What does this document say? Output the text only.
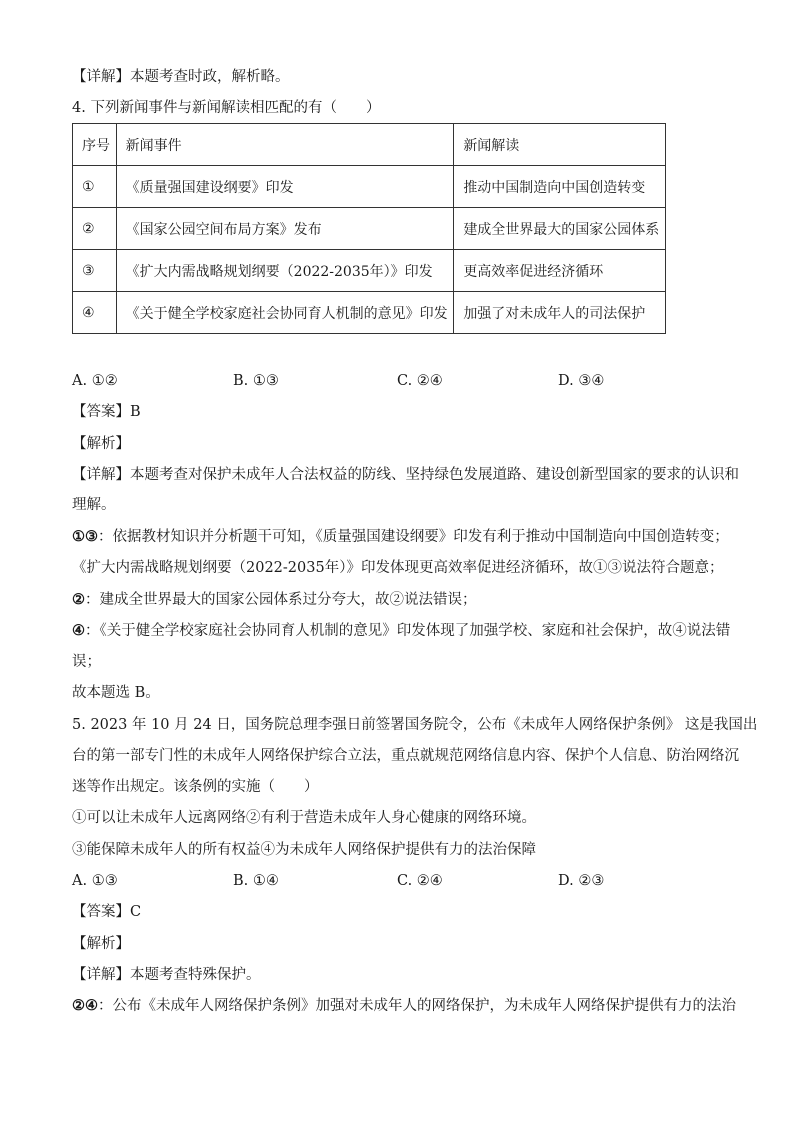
【详解】本题考查时政，解析略。
4. 下列新闻事件与新闻解读相匹配的有（　　）
序号	新闻事件	新闻解读
①	《质量强国建设纲要》印发	推动中国制造向中国创造转变
②	《国家公园空间布局方案》发布	建成全世界最大的国家公园体系
③	《扩大内需战略规划纲要（2022-2035年）》印发	更高效率促进经济循环
④	《关于健全学校家庭社会协同育人机制的意见》印发	加强了对未成年人的司法保护
A. ①②	B. ①③	C. ②④	D. ③④
【答案】B
【解析】
【详解】本题考查对保护未成年人合法权益的防线、坚持绿色发展道路、建设创新型国家的要求的认识和
理解。
①③：依据教材知识并分析题干可知，《质量强国建设纲要》印发有利于推动中国制造向中国创造转变；
《扩大内需战略规划纲要（2022-2035年）》印发体现更高效率促进经济循环，故①③说法符合题意；
②：建成全世界最大的国家公园体系过分夸大，故②说法错误；
④：《关于健全学校家庭社会协同育人机制的意见》印发体现了加强学校、家庭和社会保护，故④说法错
误；
故本题选 B。
5. 2023 年 10 月 24 日，国务院总理李强日前签署国务院令，公布《未成年人网络保护条例》 这是我国出
台的第一部专门性的未成年人网络保护综合立法，重点就规范网络信息内容、保护个人信息、防治网络沉
迷等作出规定。该条例的实施（　　）
①可以让未成年人远离网络②有利于营造未成年人身心健康的网络环境。
③能保障未成年人的所有权益④为未成年人网络保护提供有力的法治保障
A. ①③	B. ①④	C. ②④	D. ②③
【答案】C
【解析】
【详解】本题考查特殊保护。
②④：公布《未成年人网络保护条例》加强对未成年人的网络保护，为未成年人网络保护提供有力的法治
